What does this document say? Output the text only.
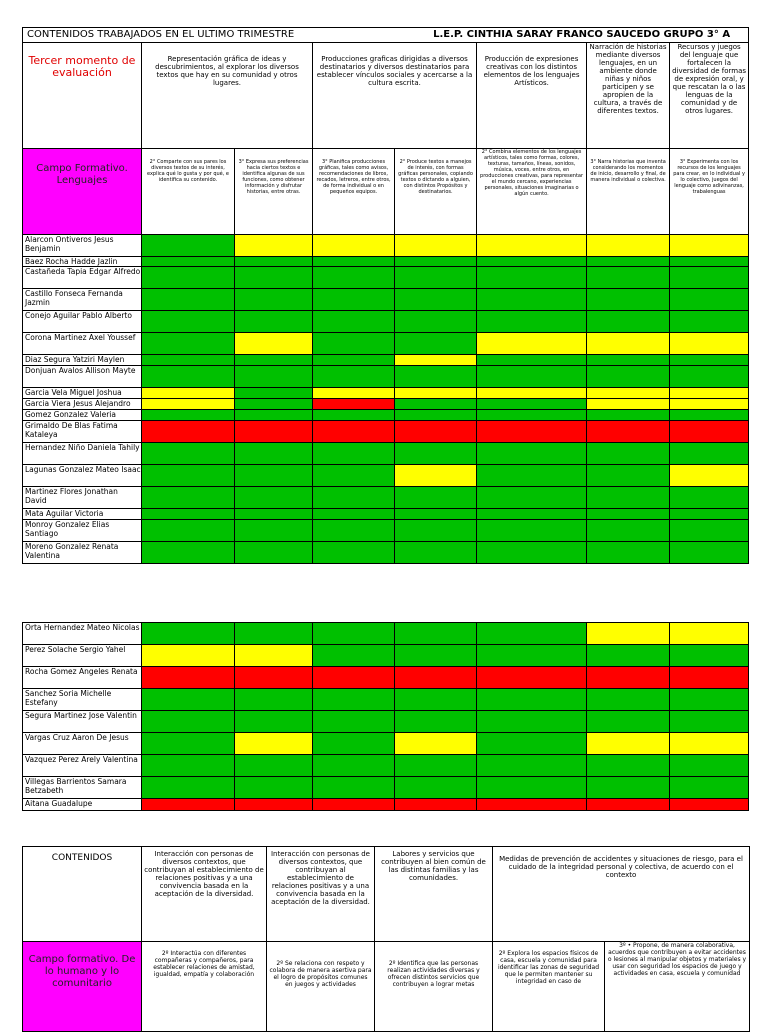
CONTENIDOS TRABAJADOS EN EL ULTIMO TRIMESTRE				L.E.P. CINTHIA SARAY FRANCO SAUCEDO GRUPO 3° A			
Tercer momento de evaluación	Representación gráfica de ideas y descubrimientos, al explorar los diversos textos que hay en su comunidad y otros lugares.		Producciones graficas dirigidas a diversos destinatarios y diversos destinatarios para establecer vínculos sociales y acercarse a la cultura escrita.		Producción de expresiones creativas con los distintos elementos de los lenguajes Artísticos.	Narración de historias mediante diversos lenguajes, en un ambiente donde niñas y niños participen y se apropien de la cultura, a través de diferentes textos.	Recursos y juegos del lenguaje que fortalecen la diversidad de formas de expresión oral, y que rescatan la o las lenguas de la comunidad y de otros lugares.
Campo Formativo. Lenguajes	2° Comparte con sus pares los diversos textos de su interés, explica qué lo gusta y por qué, e identifica su contenido.	3° Expresa sus preferencias hacia ciertos textos e identifica algunas de sus funciones, como obtener información y disfrutar historias, entre otras.	3° Planifica producciones gráficas, tales como avisos, recomendaciones de libros, recados, letreros, entre otros, de forma individual o en pequeños equipos.	2° Produce textos a manejos de interés, con formas gráficas personales, copiando textos o dictando a alguien, con distintos Propósitos y destinatarios.	2° Combina elementos de los lenguajes artísticos, tales como formas, colores, texturas, tamaños, líneas, sonidos, música, voces, entre otros, en producciones creativas, para representar el mundo cercano, experiencias personales, situaciones imaginarias o algún cuento.	3° Narra historias que inventa considerando los momentos de inicio, desarrollo y final, de manera individual o colectiva.	3° Experimenta con los recursos de los lenguajes para crear, en lo individual y lo colectivo, juegos del lenguaje como adivinanzas, trabalenguas
Alarcon Ontiveros Jesus Benjamin							
Baez Rocha Hadde Jazlin							
Castañeda Tapia Edgar Alfredo							
Castillo Fonseca Fernanda Jazmin							
Conejo Aguilar Pablo Alberto							
Corona Martinez Axel Youssef							
Diaz Segura Yatziri Maylen							
Donjuan Avalos Allison Mayte							
Garcia Vela Miguel Joshua							
Garcia Viera Jesus Alejandro							
Gomez Gonzalez Valeria							
Grimaldo De Blas Fatima Kataleya							
Hernandez Niño Daniela Tahily							
Lagunas Gonzalez Mateo Isaac							
Martinez Flores Jonathan David							
Mata Aguilar Victoria							
Monroy Gonzalez Elias Santiago							
Moreno Gonzalez Renata Valentina							
Orta Hernandez Mateo Nicolas							
Perez Solache Sergio Yahel							
Rocha Gomez Angeles Renata							
Sanchez Soria Michelle Estefany							
Segura Martinez Jose Valentin							
Vargas Cruz Aaron De Jesus							
Vazquez Perez Arely Valentina							
Villegas Barrientos Samara Betzabeth							
Aitana Guadalupe							
CONTENIDOS	Interacción con personas de diversos contextos, que contribuyan al establecimiento de relaciones positivas y a una convivencia basada en la aceptación de la diversidad.	Interacción con personas de diversos contextos, que contribuyan al establecimiento de relaciones positivas y a una convivencia basada en la aceptación de la diversidad.	Labores y servicios que contribuyen al bien común de las distintas familias y las comunidades.	Medidas de prevención de accidentes y situaciones de riesgo, para el cuidado de la integridad personal y colectiva, de acuerdo con el contexto	
Campo formativo. De lo humano y lo comunitario	2º Interactúa con diferentes compañeras y compañeros, para establecer relaciones de amistad, igualdad, empatía y colaboración	2º Se relaciona con respeto y colabora de manera asertiva para el logro de propósitos comunes en juegos y actividades	2º Identifica que las personas realizan actividades diversas y ofrecen distintos servicios que contribuyen a lograr metas	2º Explora los espacios físicos de casa, escuela y comunidad para identificar las zonas de seguridad que le permiten mantener su integridad en caso de	3º • Propone, de manera colaborativa, acuerdos que contribuyen a evitar accidentes o lesiones al manipular objetos y materiales y usar con seguridad los espacios de juego y actividades en casa, escuela y comunidad
